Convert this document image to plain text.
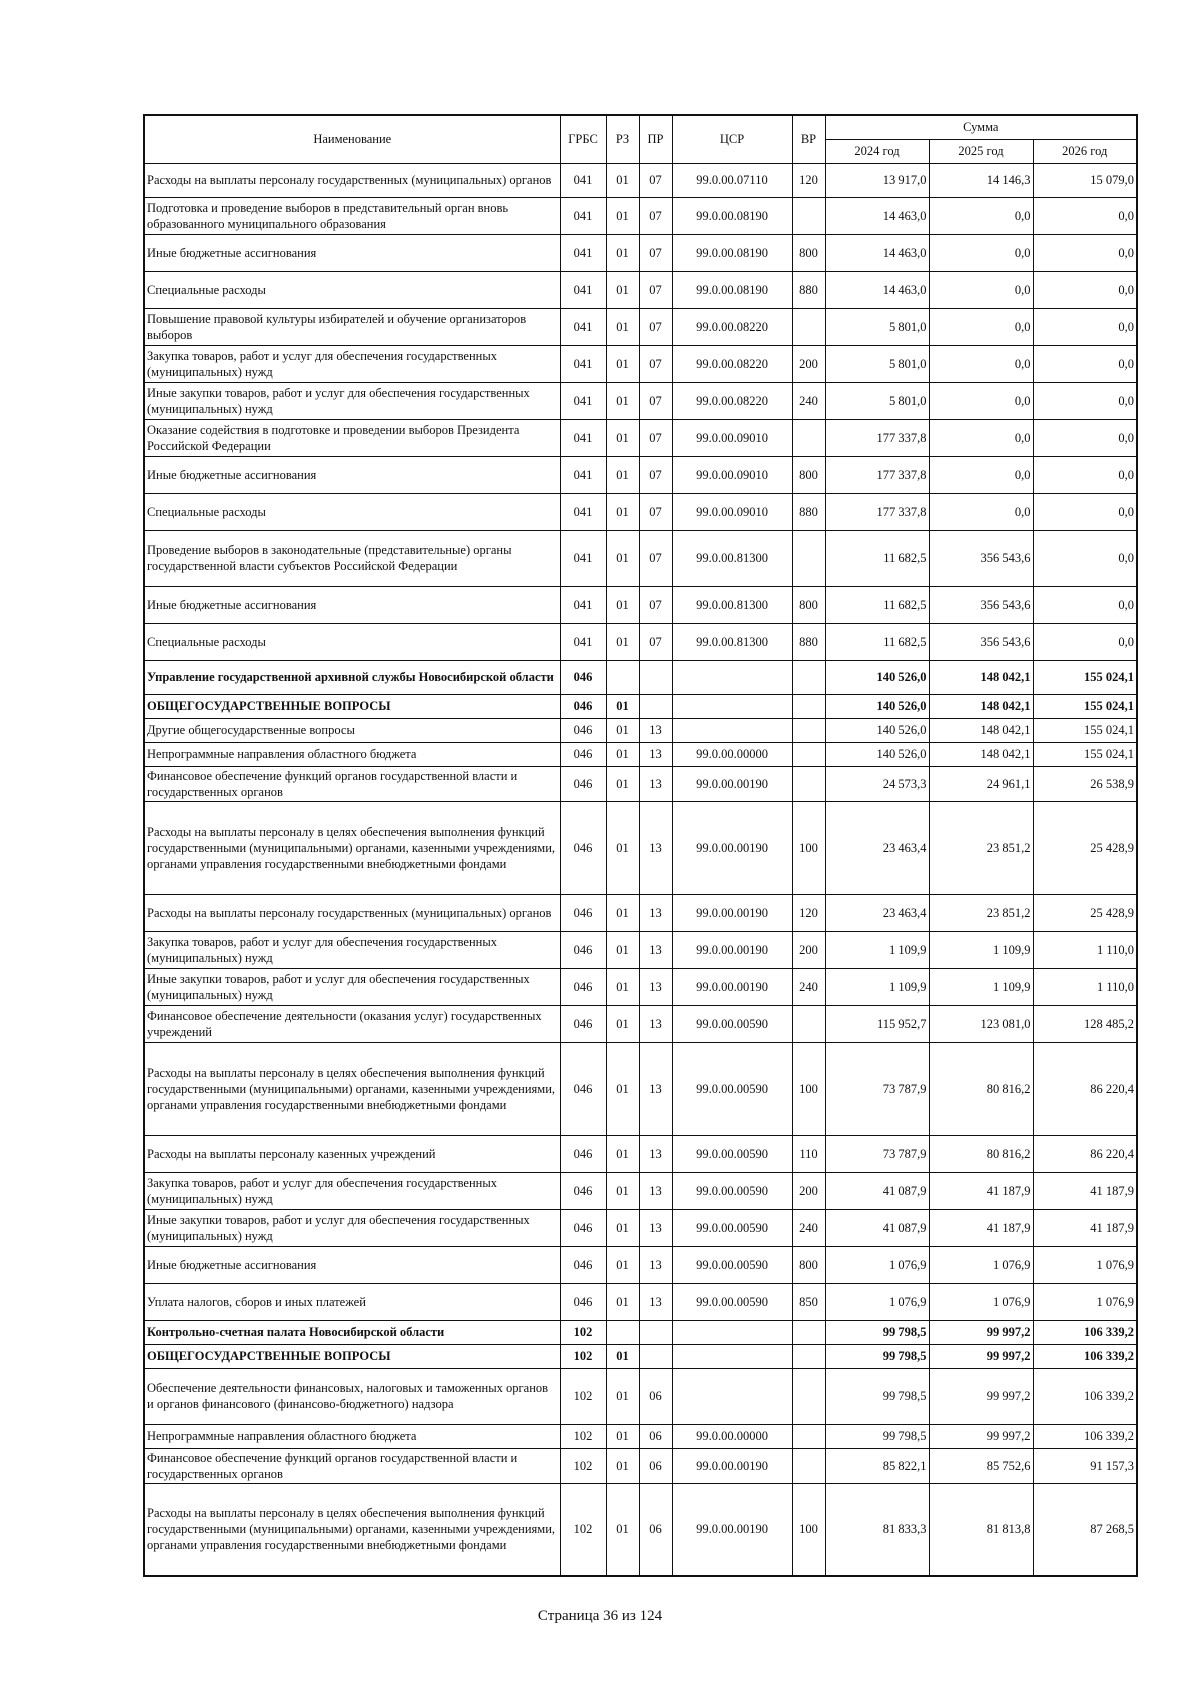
Наименование	ГРБС	РЗ	ПР	ЦСР	ВР	Сумма		
						2024 год	2025 год	2026 год
Расходы на выплаты персоналу государственных (муниципальных) органов	041	01	07	99.0.00.07110	120	13 917,0	14 146,3	15 079,0
Подготовка и проведение выборов в представительный орган вновь образованного муниципального образования	041	01	07	99.0.00.08190		14 463,0	0,0	0,0
Иные бюджетные ассигнования	041	01	07	99.0.00.08190	800	14 463,0	0,0	0,0
Специальные расходы	041	01	07	99.0.00.08190	880	14 463,0	0,0	0,0
Повышение правовой культуры избирателей и обучение организаторов выборов	041	01	07	99.0.00.08220		5 801,0	0,0	0,0
Закупка товаров, работ и услуг для обеспечения государственных (муниципальных) нужд	041	01	07	99.0.00.08220	200	5 801,0	0,0	0,0
Иные закупки товаров, работ и услуг для обеспечения государственных (муниципальных) нужд	041	01	07	99.0.00.08220	240	5 801,0	0,0	0,0
Оказание содействия в подготовке и проведении выборов Президента Российской Федерации	041	01	07	99.0.00.09010		177 337,8	0,0	0,0
Иные бюджетные ассигнования	041	01	07	99.0.00.09010	800	177 337,8	0,0	0,0
Специальные расходы	041	01	07	99.0.00.09010	880	177 337,8	0,0	0,0
Проведение выборов в законодательные (представительные) органы государственной власти субъектов Российской Федерации	041	01	07	99.0.00.81300		11 682,5	356 543,6	0,0
Иные бюджетные ассигнования	041	01	07	99.0.00.81300	800	11 682,5	356 543,6	0,0
Специальные расходы	041	01	07	99.0.00.81300	880	11 682,5	356 543,6	0,0
Управление государственной архивной службы Новосибирской области	046					140 526,0	148 042,1	155 024,1
ОБЩЕГОСУДАРСТВЕННЫЕ ВОПРОСЫ	046	01				140 526,0	148 042,1	155 024,1
Другие общегосударственные вопросы	046	01	13			140 526,0	148 042,1	155 024,1
Непрограммные направления областного бюджета	046	01	13	99.0.00.00000		140 526,0	148 042,1	155 024,1
Финансовое обеспечение функций органов государственной власти и государственных органов	046	01	13	99.0.00.00190		24 573,3	24 961,1	26 538,9
Расходы на выплаты персоналу в целях обеспечения выполнения функций государственными (муниципальными) органами, казенными учреждениями, органами управления государственными внебюджетными фондами	046	01	13	99.0.00.00190	100	23 463,4	23 851,2	25 428,9
Расходы на выплаты персоналу государственных (муниципальных) органов	046	01	13	99.0.00.00190	120	23 463,4	23 851,2	25 428,9
Закупка товаров, работ и услуг для обеспечения государственных (муниципальных) нужд	046	01	13	99.0.00.00190	200	1 109,9	1 109,9	1 110,0
Иные закупки товаров, работ и услуг для обеспечения государственных (муниципальных) нужд	046	01	13	99.0.00.00190	240	1 109,9	1 109,9	1 110,0
Финансовое обеспечение деятельности (оказания услуг) государственных учреждений	046	01	13	99.0.00.00590		115 952,7	123 081,0	128 485,2
Расходы на выплаты персоналу в целях обеспечения выполнения функций государственными (муниципальными) органами, казенными учреждениями, органами управления государственными внебюджетными фондами	046	01	13	99.0.00.00590	100	73 787,9	80 816,2	86 220,4
Расходы на выплаты персоналу казенных учреждений	046	01	13	99.0.00.00590	110	73 787,9	80 816,2	86 220,4
Закупка товаров, работ и услуг для обеспечения государственных (муниципальных) нужд	046	01	13	99.0.00.00590	200	41 087,9	41 187,9	41 187,9
Иные закупки товаров, работ и услуг для обеспечения государственных (муниципальных) нужд	046	01	13	99.0.00.00590	240	41 087,9	41 187,9	41 187,9
Иные бюджетные ассигнования	046	01	13	99.0.00.00590	800	1 076,9	1 076,9	1 076,9
Уплата налогов, сборов и иных платежей	046	01	13	99.0.00.00590	850	1 076,9	1 076,9	1 076,9
Контрольно-счетная палата Новосибирской области	102					99 798,5	99 997,2	106 339,2
ОБЩЕГОСУДАРСТВЕННЫЕ ВОПРОСЫ	102	01				99 798,5	99 997,2	106 339,2
Обеспечение деятельности финансовых, налоговых и таможенных органов и органов финансового (финансово-бюджетного) надзора	102	01	06			99 798,5	99 997,2	106 339,2
Непрограммные направления областного бюджета	102	01	06	99.0.00.00000		99 798,5	99 997,2	106 339,2
Финансовое обеспечение функций органов государственной власти и государственных органов	102	01	06	99.0.00.00190		85 822,1	85 752,6	91 157,3
Расходы на выплаты персоналу в целях обеспечения выполнения функций государственными (муниципальными) органами, казенными учреждениями, органами управления государственными внебюджетными фондами	102	01	06	99.0.00.00190	100	81 833,3	81 813,8	87 268,5
Страница 36 из 124
